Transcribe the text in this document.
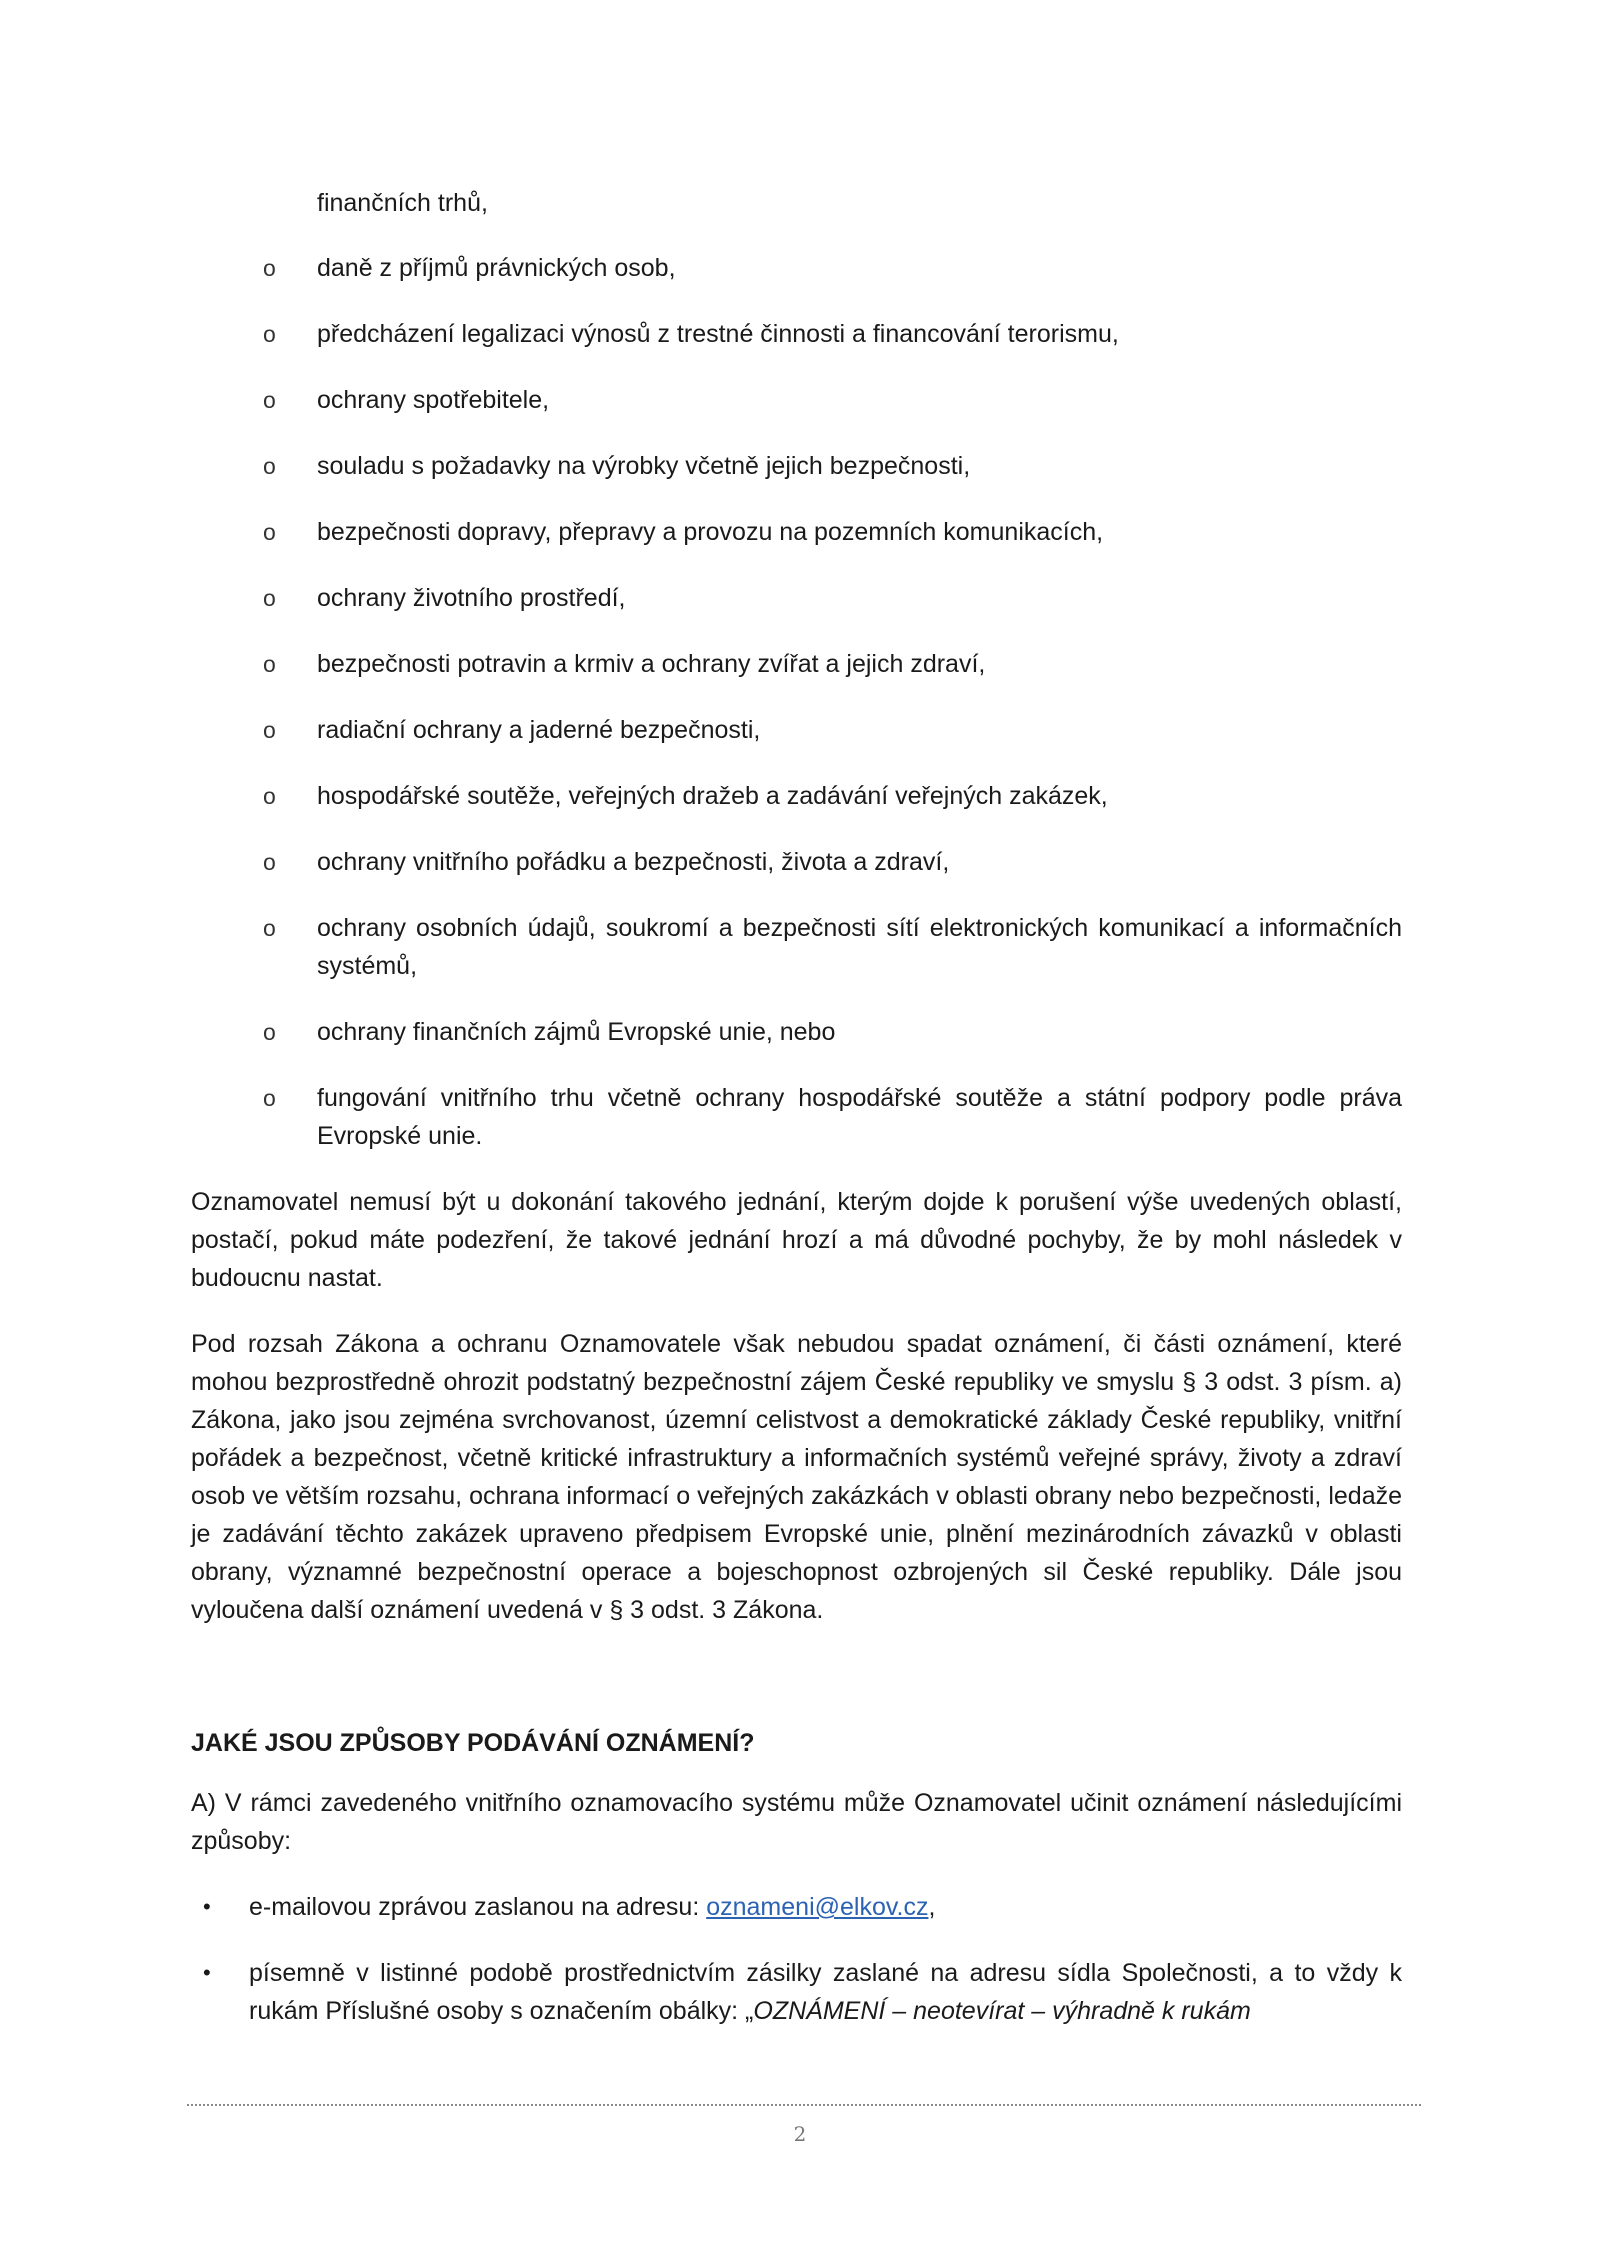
finančních trhů,
o daně z příjmů právnických osob,
o předcházení legalizaci výnosů z trestné činnosti a financování terorismu,
o ochrany spotřebitele,
o souladu s požadavky na výrobky včetně jejich bezpečnosti,
o bezpečnosti dopravy, přepravy a provozu na pozemních komunikacích,
o ochrany životního prostředí,
o bezpečnosti potravin a krmiv a ochrany zvířat a jejich zdraví,
o radiační ochrany a jaderné bezpečnosti,
o hospodářské soutěže, veřejných dražeb a zadávání veřejných zakázek,
o ochrany vnitřního pořádku a bezpečnosti, života a zdraví,
o ochrany osobních údajů, soukromí a bezpečnosti sítí elektronických komunikací a informačních systémů,
o ochrany finančních zájmů Evropské unie, nebo
o fungování vnitřního trhu včetně ochrany hospodářské soutěže a státní podpory podle práva Evropské unie.

Oznamovatel nemusí být u dokonání takového jednání, kterým dojde k porušení výše uvedených oblastí, postačí, pokud máte podezření, že takové jednání hrozí a má důvodné pochyby, že by mohl následek v budoucnu nastat.

Pod rozsah Zákona a ochranu Oznamovatele však nebudou spadat oznámení, či části oznámení, které mohou bezprostředně ohrozit podstatný bezpečnostní zájem České republiky ve smyslu § 3 odst. 3 písm. a) Zákona, jako jsou zejména svrchovanost, územní celistvost a demokratické základy České republiky, vnitřní pořádek a bezpečnost, včetně kritické infrastruktury a informačních systémů veřejné správy, životy a zdraví osob ve větším rozsahu, ochrana informací o veřejných zakázkách v oblasti obrany nebo bezpečnosti, ledaže je zadávání těchto zakázek upraveno předpisem Evropské unie, plnění mezinárodních závazků v oblasti obrany, významné bezpečnostní operace a bojeschopnost ozbrojených sil České republiky. Dále jsou vyloučena další oznámení uvedená v § 3 odst. 3 Zákona.

JAKÉ JSOU ZPŮSOBY PODÁVÁNÍ OZNÁMENÍ?

A) V rámci zavedeného vnitřního oznamovacího systému může Oznamovatel učinit oznámení následujícími způsoby:

• e-mailovou zprávou zaslanou na adresu: oznameni@elkov.cz,
• písemně v listinné podobě prostřednictvím zásilky zaslané na adresu sídla Společnosti, a to vždy k rukám Příslušné osoby s označením obálky: „OZNÁMENÍ – neotevírat – výhradně k rukám
2
